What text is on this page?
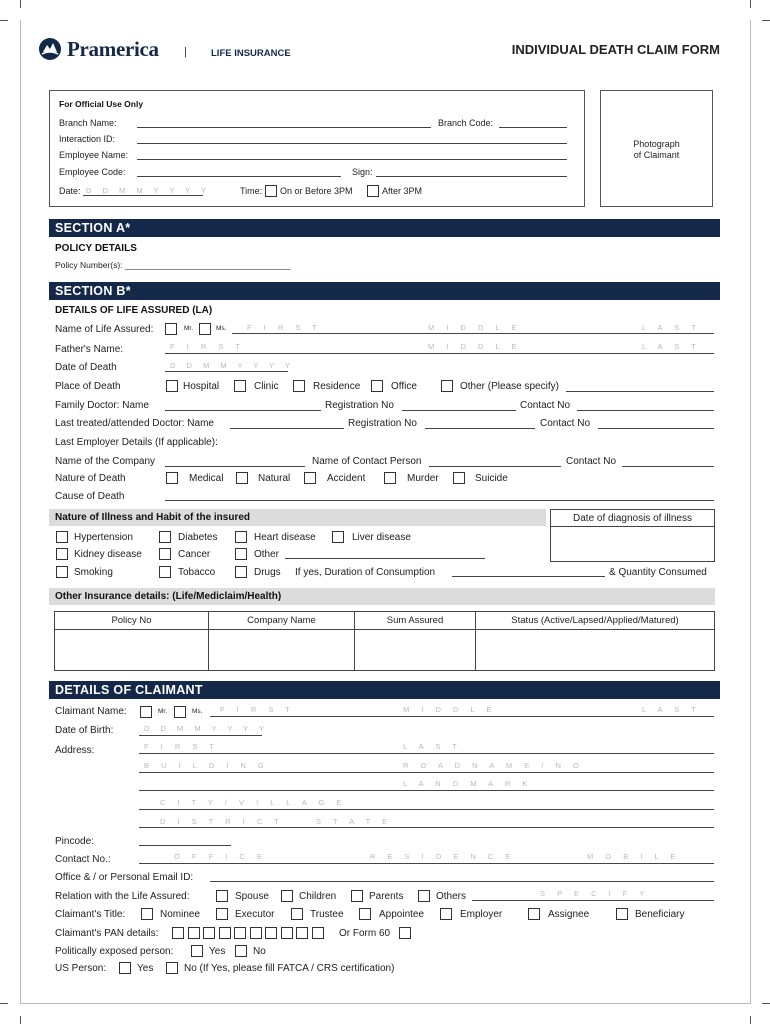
Pramerica |	LIFE INSURANCE	INDIVIDUAL DEATH CLAIM FORM
For Official Use Only
Branch Name:	Branch Code:
Interaction ID:
Employee Name:
Employee Code:	Sign:
Date: D D M M Y Y Y Y	Time: On or Before 3PM	After 3PM
Photograph
of Claimant
SECTION A*
POLICY DETAILS
Policy Number(s): ___________________________________
SECTION B*
DETAILS OF LIFE ASSURED (LA)
Name of Life Assured:	Mr.	Ms.	F I R S T	M I D D L E	L A S T
Father's Name:	F I R S T	M I D D L E	L A S T
Date of Death	D D M M Y Y Y Y
Place of Death	Hospital	Clinic	Residence	Office	Other (Please specify)
Family Doctor: Name	Registration No	Contact No
Last treated/attended Doctor: Name	Registration No	Contact No
Last Employer Details (If applicable):
Name of the Company	Name of Contact Person	Contact No
Nature of Death	Medical	Natural	Accident	Murder	Suicide
Cause of Death
Nature of Illness and Habit of the insured	Date of diagnosis of illness
Hypertension	Diabetes	Heart disease	Liver disease
Kidney disease	Cancer	Other
Smoking	Tobacco	Drugs If yes, Duration of Consumption	& Quantity Consumed
Other Insurance details: (Life/Mediclaim/Health)
Policy No	Company Name	Sum Assured	Status (Active/Lapsed/Applied/Matured)

DETAILS OF CLAIMANT
Claimant Name:	Mr.	Ms. F I R S T	M I D D L E	L A S T
Date of Birth:	D D M M Y Y Y Y
Address:	F I R S T	L A S T
B U I L D I N G	R O A D N A M E / N O
L A N D M A R K
C I T Y / V I L L A G E
D I S T R I C T	S T A T E
Pincode:
Contact No.:	O F F I C E	R E S I D E N C E	M O B I L E
Office & / or Personal Email ID:
Relation with the Life Assured:	Spouse	Children	Parents	Others	S P E C I F Y
Claimant's Title:	Nominee	Executor	Trustee	Appointee	Employer	Assignee	Beneficiary
Claimant's PAN details:	Or Form 60
Politically exposed person:	Yes	No
US Person:	Yes	No (If Yes, please fill FATCA / CRS certification)
